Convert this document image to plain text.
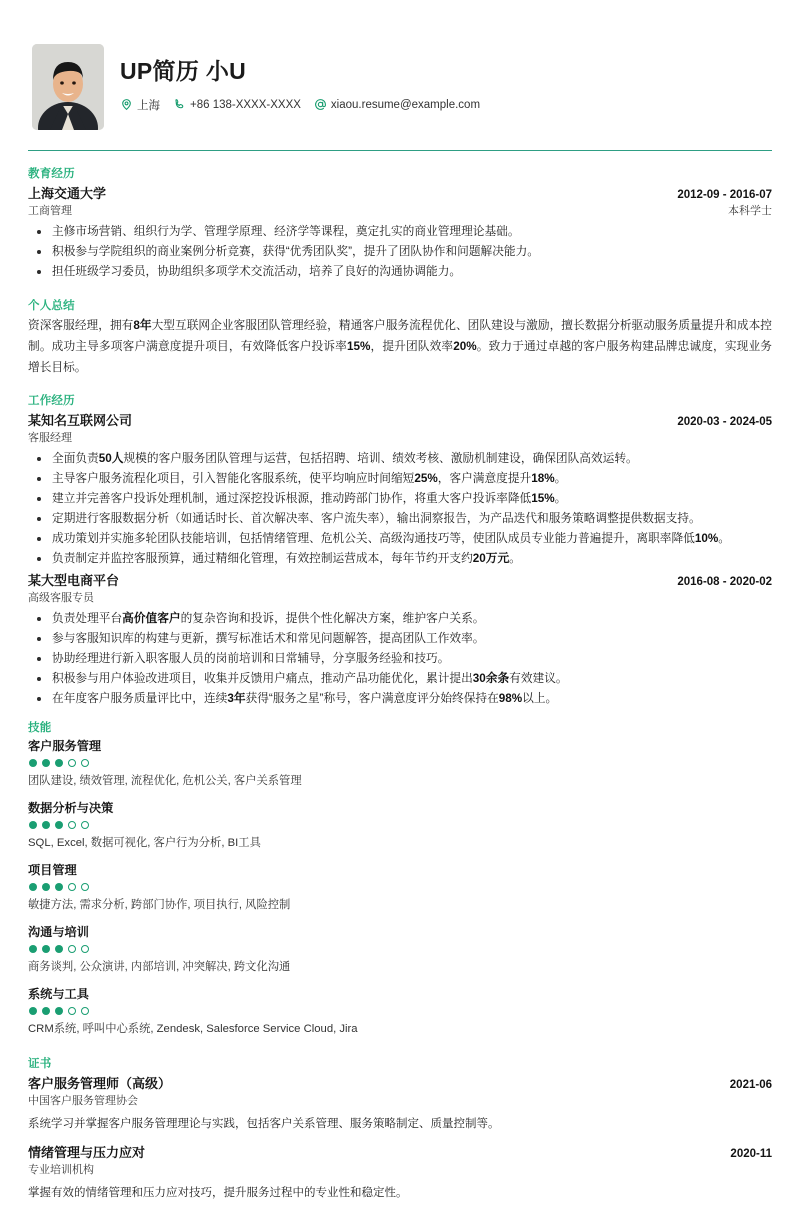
UP简历 小U
上海	+86 138-XXXX-XXXX	xiaou.resume@example.com
教育经历
上海交通大学	2012-09 - 2016-07
工商管理	本科学士
主修市场营销、组织行为学、管理学原理、经济学等课程，奠定扎实的商业管理理论基础。
积极参与学院组织的商业案例分析竞赛，获得“优秀团队奖”，提升了团队协作和问题解决能力。
担任班级学习委员，协助组织多项学术交流活动，培养了良好的沟通协调能力。
个人总结
资深客服经理，拥有8年大型互联网企业客服团队管理经验，精通客户服务流程优化、团队建设与激励，擅长数据分析驱动服务质量提升和成本控制。成功主导多项客户满意度提升项目，有效降低客户投诉率15%，提升团队效率20%。致力于通过卓越的客户服务构建品牌忠诚度，实现业务增长目标。
工作经历
某知名互联网公司	2020-03 - 2024-05
客服经理
全面负责50人规模的客户服务团队管理与运营，包括招聘、培训、绩效考核、激励机制建设，确保团队高效运转。
主导客户服务流程化项目，引入智能化客服系统，使平均响应时间缩短25%，客户满意度提升18%。
建立并完善客户投诉处理机制，通过深挖投诉根源，推动跨部门协作，将重大客户投诉率降低15%。
定期进行客服数据分析（如通话时长、首次解决率、客户流失率），输出洞察报告，为产品迭代和服务策略调整提供数据支持。
成功策划并实施多轮团队技能培训，包括情绪管理、危机公关、高级沟通技巧等，使团队成员专业能力普遍提升，离职率降低10%。
负责制定并监控客服预算，通过精细化管理，有效控制运营成本，每年节约开支约20万元。
某大型电商平台	2016-08 - 2020-02
高级客服专员
负责处理平台高价值客户的复杂咨询和投诉，提供个性化解决方案，维护客户关系。
参与客服知识库的构建与更新，撰写标准话术和常见问题解答，提高团队工作效率。
协助经理进行新入职客服人员的岗前培训和日常辅导，分享服务经验和技巧。
积极参与用户体验改进项目，收集并反馈用户痛点，推动产品功能优化，累计提出30余条有效建议。
在年度客户服务质量评比中，连续3年获得“服务之星”称号，客户满意度评分始终保持在98%以上。
技能
客户服务管理
团队建设, 绩效管理, 流程优化, 危机公关, 客户关系管理
数据分析与决策
SQL, Excel, 数据可视化, 客户行为分析, BI工具
项目管理
敏捷方法, 需求分析, 跨部门协作, 项目执行, 风险控制
沟通与培训
商务谈判, 公众演讲, 内部培训, 冲突解决, 跨文化沟通
系统与工具
CRM系统, 呼叫中心系统, Zendesk, Salesforce Service Cloud, Jira
证书
客户服务管理师（高级）	2021-06
中国客户服务管理协会
系统学习并掌握客户服务管理理论与实践，包括客户关系管理、服务策略制定、质量控制等。
情绪管理与压力应对	2020-11
专业培训机构
掌握有效的情绪管理和压力应对技巧，提升服务过程中的专业性和稳定性。
